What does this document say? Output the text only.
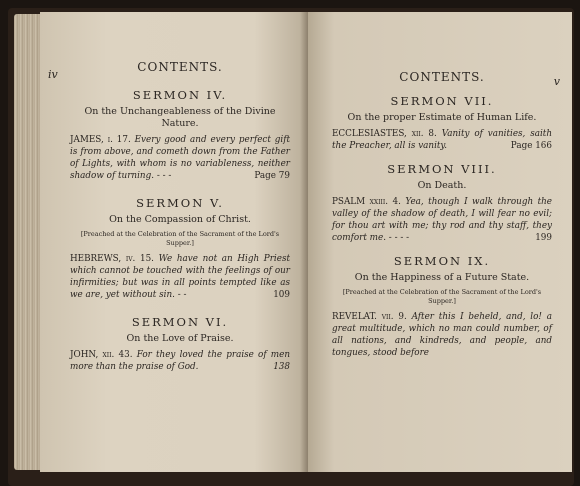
iv
CONTENTS.
SERMON IV.
On the Unchangeableness of the Divine Nature.

JAMES, i. 17. Every good and every perfect gift is from above, and cometh down from the Father of Lights, with whom is no variableness, neither shadow of turning. - - -	Page 79

SERMON V.
On the Compassion of Christ.
[Preached at the Celebration of the Sacrament of the Lord's Supper.]

HEBREWS, iv. 15. We have not an High Priest which cannot be touched with the feelings of our infirmities; but was in all points tempted like as we are, yet without sin. - -	109

SERMON VI.
On the Love of Praise.

JOHN, xii. 43. For they loved the praise of men more than the praise of God.	138

v
CONTENTS.
SERMON VII.
On the proper Estimate of Human Life.

ECCLESIASTES, xii. 8. Vanity of vanities, saith the Preacher, all is vanity.	Page 166

SERMON VIII.
On Death.

PSALM xxiii. 4. Yea, though I walk through the valley of the shadow of death, I will fear no evil; for thou art with me; thy rod and thy staff, they comfort me. - - - -	199

SERMON IX.
On the Happiness of a Future State.
[Preached at the Celebration of the Sacrament of the Lord's Supper.]

REVELAT. vii. 9. After this I beheld, and, lo! a great multitude, which no man could number, of all nations, and kindreds, and people, and tongues, stood before
